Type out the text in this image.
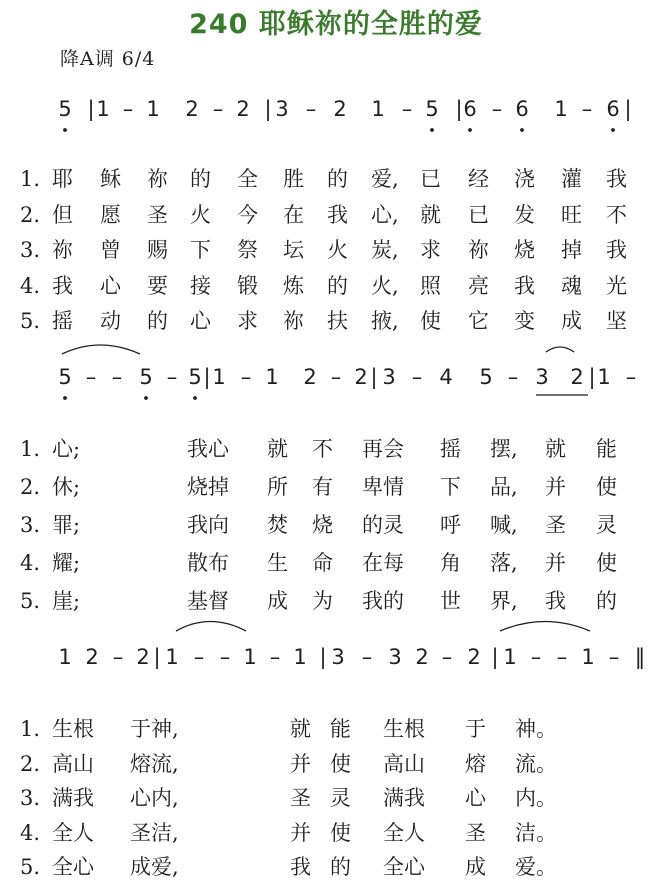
240 耶稣祢的全胜的爱
降A调 6/4
5 | 1 – 1 2 – 2 | 3 – 2 1 – 5 | 6 – 6 1 – 6 |
5 – – 5 – 5 | 1 – 1 2 – 2 | 3 – 4 5 – 3 2 | 1 –
1 2 – 2 | 1 – – 1 – 1 | 3 – 3 2 – 2 | 1 – – 1 – ‖
1. 耶 稣 祢 的 全 胜 的 爱, 已 经 浇 灌 我
2. 但 愿 圣 火 今 在 我 心, 就 已 发 旺 不
3. 祢 曾 赐 下 祭 坛 火 炭, 求 祢 烧 掉 我
4. 我 心 要 接 锻 炼 的 火, 照 亮 我 魂 光
5. 摇 动 的 心 求 祢 扶 掖, 使 它 变 成 坚
1. 心;	我心 就 不 再会 摇 摆, 就 能
2. 休;	烧掉 所 有 卑情 下 品, 并 使
3. 罪;	我向 焚 烧 的灵 呼 喊, 圣 灵
4. 耀;	散布 生 命 在每 角 落, 并 使
5. 崖;	基督 成 为 我的 世 界, 我 的
1. 生根 于神,	就 能 生根 于 神。
2. 高山 熔流,	并 使 高山 熔 流。
3. 满我 心内,	圣 灵 满我 心 内。
4. 全人 圣洁,	并 使 全人 圣 洁。
5. 全心 成爱,	我 的 全心 成 爱。
